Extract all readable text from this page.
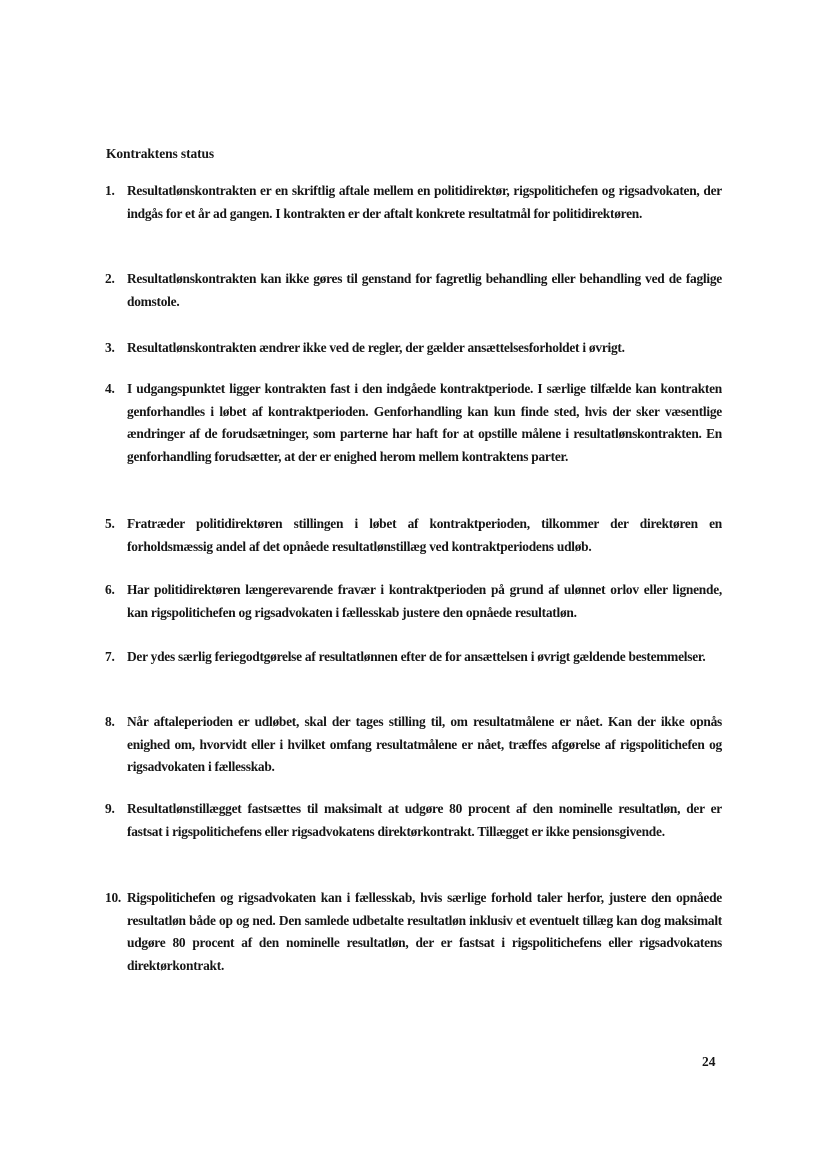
Kontraktens status
1. Resultatlønskontrakten er en skriftlig aftale mellem en politidirektør, rigspolitichefen og rigsadvokaten, der indgås for et år ad gangen. I kontrakten er der aftalt konkrete resultatmål for politidirektøren.
2. Resultatlønskontrakten kan ikke gøres til genstand for fagretlig behandling eller behandling ved de faglige domstole.
3. Resultatlønskontrakten ændrer ikke ved de regler, der gælder ansættelsesforholdet i øvrigt.
4. I udgangspunktet ligger kontrakten fast i den indgåede kontraktperiode. I særlige tilfælde kan kontrakten genforhandles i løbet af kontraktperioden. Genforhandling kan kun finde sted, hvis der sker væsentlige ændringer af de forudsætninger, som parterne har haft for at opstille målene i resultatlønskontrakten. En genforhandling forudsætter, at der er enighed herom mellem kontraktens parter.
5. Fratræder politidirektøren stillingen i løbet af kontraktperioden, tilkommer der direktøren en forholdsmæssig andel af det opnåede resultatlønstillæg ved kontraktperiodens udløb.
6. Har politidirektøren længerevarende fravær i kontraktperioden på grund af ulønnet orlov eller lignende, kan rigspolitichefen og rigsadvokaten i fællesskab justere den opnåede resultatløn.
7. Der ydes særlig feriegodtgørelse af resultatlønnen efter de for ansættelsen i øvrigt gældende bestemmelser.
8. Når aftaleperioden er udløbet, skal der tages stilling til, om resultatmålene er nået. Kan der ikke opnås enighed om, hvorvidt eller i hvilket omfang resultatmålene er nået, træffes afgørelse af rigspolitichefen og rigsadvokaten i fællesskab.
9. Resultatlønstillægget fastsættes til maksimalt at udgøre 80 procent af den nominelle resultatløn, der er fastsat i rigspolitichefens eller rigsadvokatens direktørkontrakt. Tillægget er ikke pensionsgivende.
10. Rigspolitichefen og rigsadvokaten kan i fællesskab, hvis særlige forhold taler herfor, justere den opnåede resultatløn både op og ned. Den samlede udbetalte resultatløn inklusiv et eventuelt tillæg kan dog maksimalt udgøre 80 procent af den nominelle resultatløn, der er fastsat i rigspolitichefens eller rigsadvokatens direktørkontrakt.
24
